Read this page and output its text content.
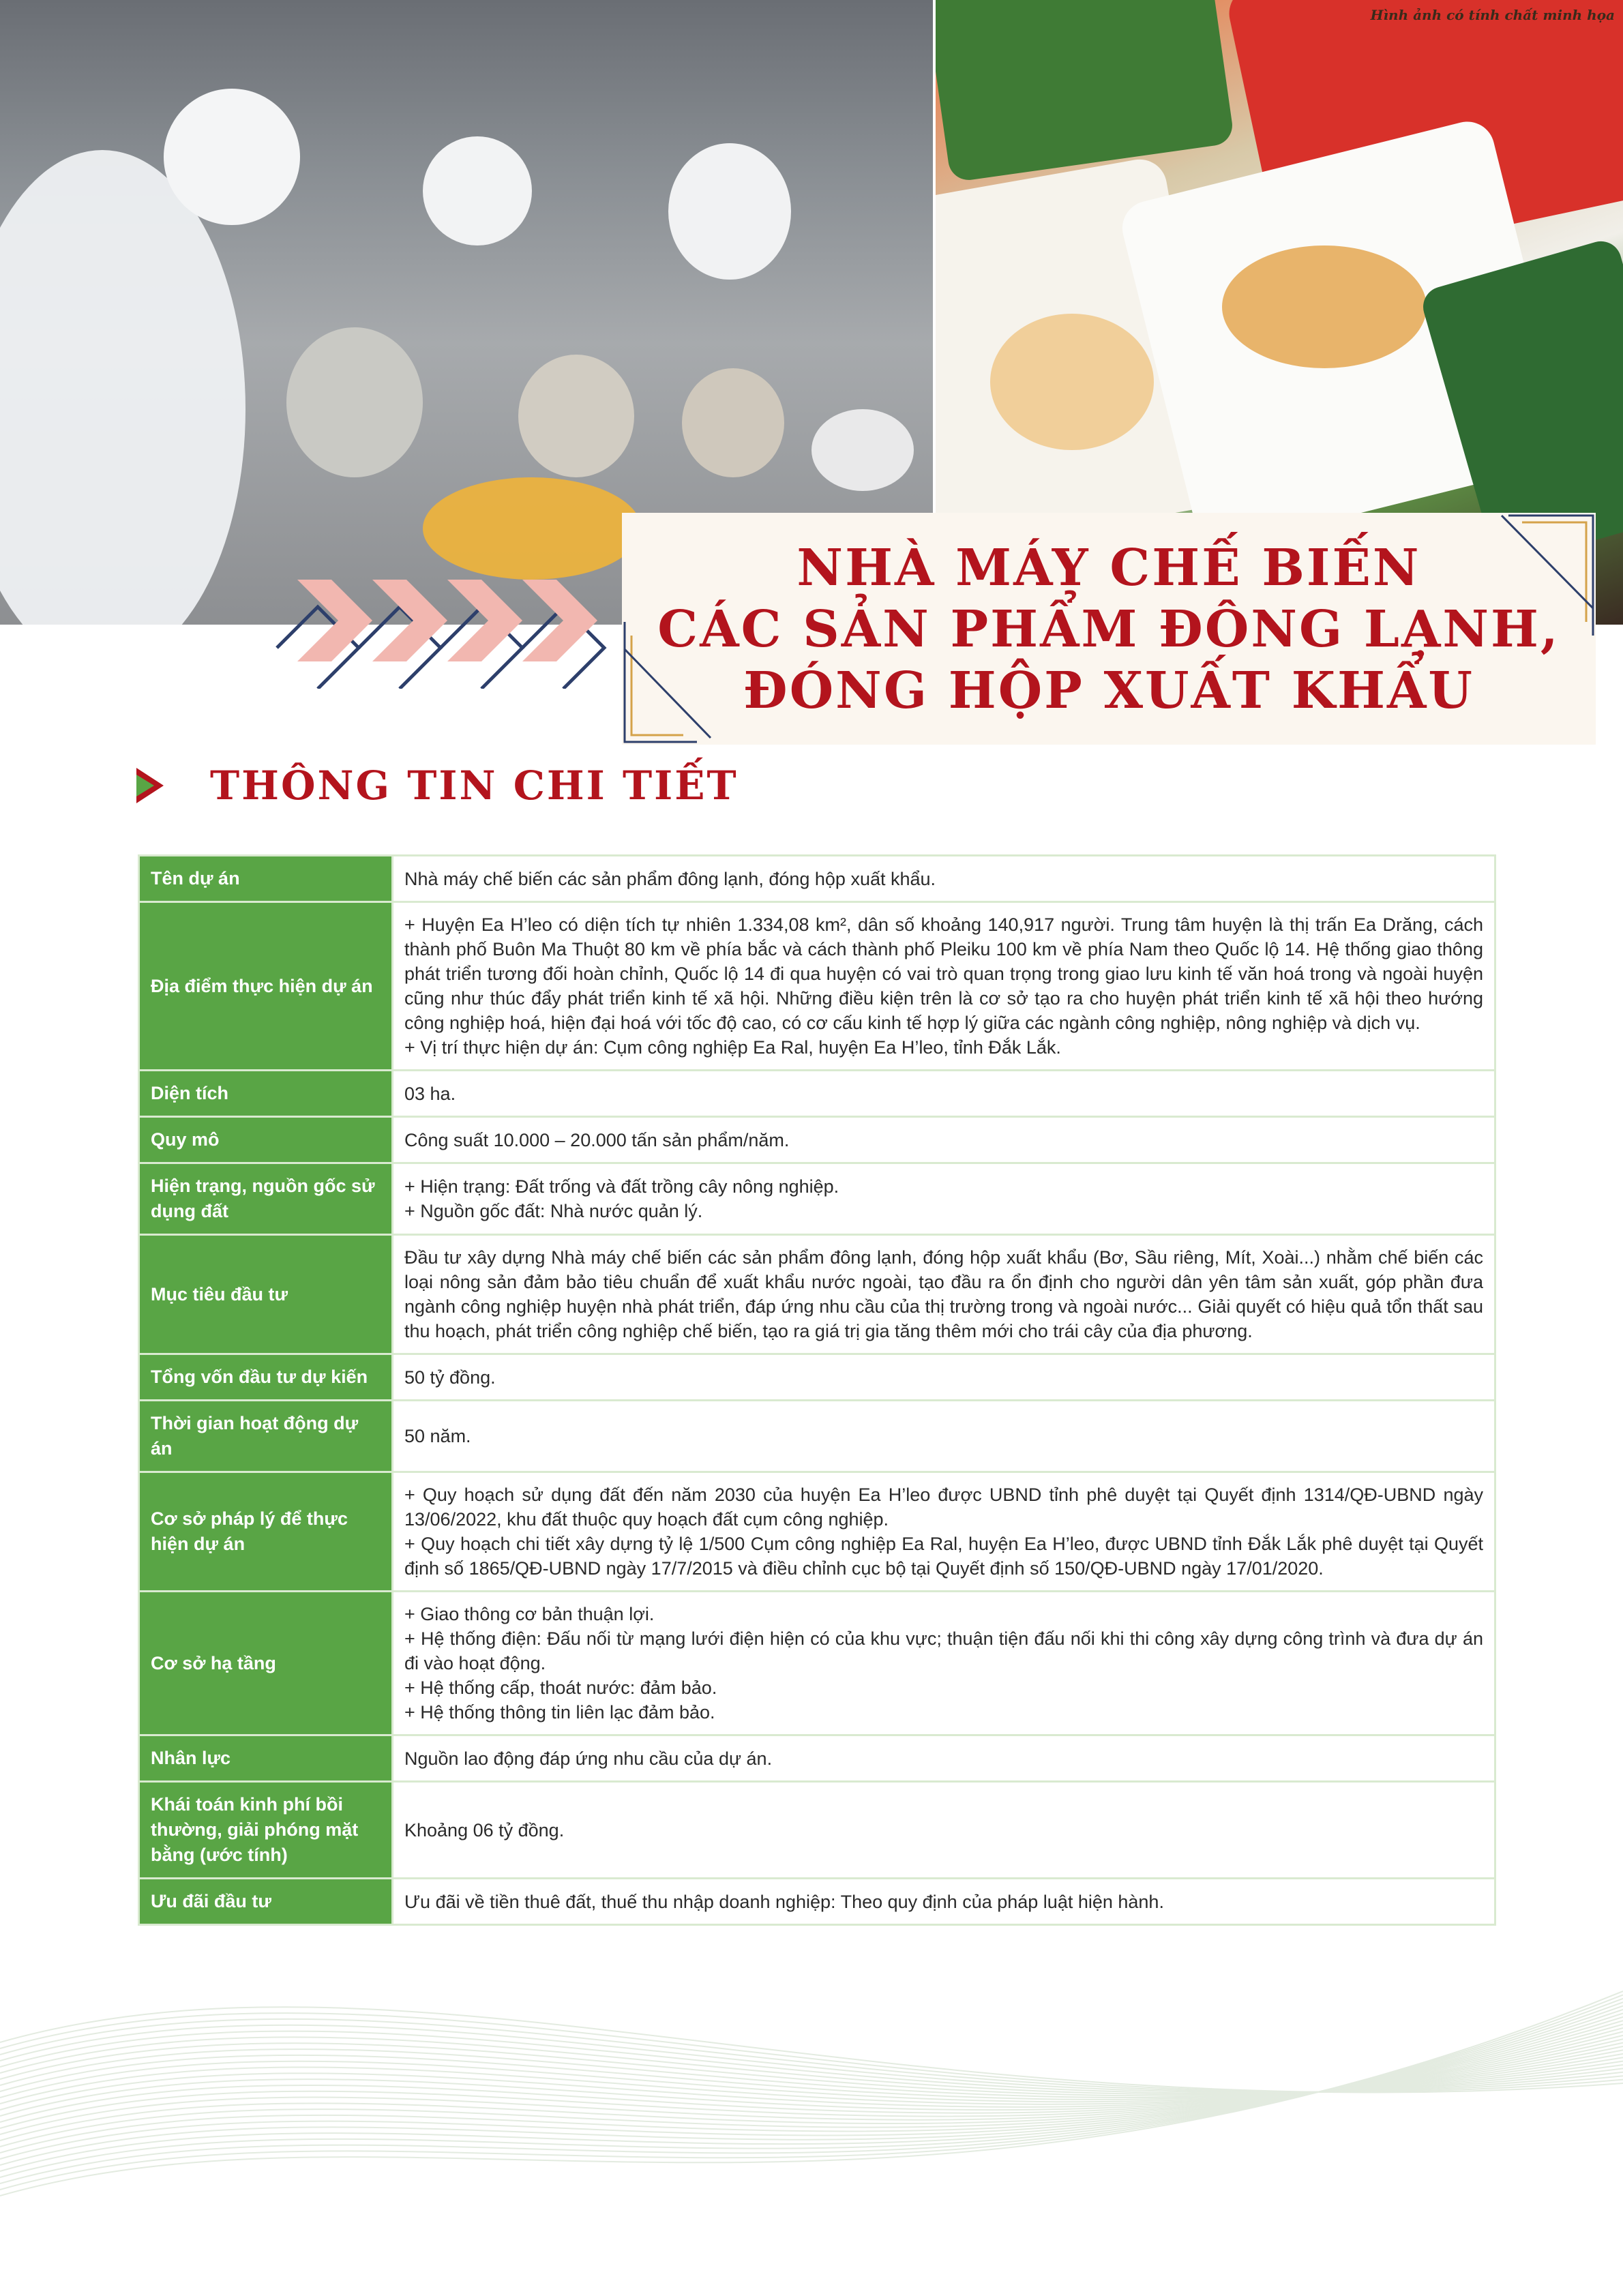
Hình ảnh có tính chất minh họa
NHÀ MÁY CHẾ BIẾN
CÁC SẢN PHẨM ĐÔNG LẠNH,
ĐÓNG HỘP XUẤT KHẨU
THÔNG TIN CHI TIẾT
Tên dự án	Nhà máy chế biến các sản phẩm đông lạnh, đóng hộp xuất khẩu.

Địa điểm thực hiện dự án	+ Huyện Ea H’leo có diện tích tự nhiên 1.334,08 km², dân số khoảng 140,917 người. Trung tâm huyện là thị trấn Ea Drăng, cách thành phố Buôn Ma Thuột 80 km về phía bắc và cách thành phố Pleiku 100 km về phía Nam theo Quốc lộ 14. Hệ thống giao thông phát triển tương đối hoàn chỉnh, Quốc lộ 14 đi qua huyện có vai trò quan trọng trong giao lưu kinh tế văn hoá trong và ngoài huyện cũng như thúc đẩy phát triển kinh tế xã hội. Những điều kiện trên là cơ sở tạo ra cho huyện phát triển kinh tế xã hội theo hướng công nghiệp hoá, hiện đại hoá với tốc độ cao, có cơ cấu kinh tế hợp lý giữa các ngành công nghiệp, nông nghiệp và dịch vụ.
+ Vị trí thực hiện dự án: Cụm công nghiệp Ea Ral, huyện Ea H’leo, tỉnh Đắk Lắk.

Diện tích	03 ha.

Quy mô	Công suất 10.000 – 20.000 tấn sản phẩm/năm.

Hiện trạng, nguồn gốc sử dụng đất	+ Hiện trạng: Đất trống và đất trồng cây nông nghiệp.
+ Nguồn gốc đất: Nhà nước quản lý.

Mục tiêu đầu tư	Đầu tư xây dựng Nhà máy chế biến các sản phẩm đông lạnh, đóng hộp xuất khẩu (Bơ, Sầu riêng, Mít, Xoài...) nhằm chế biến các loại nông sản đảm bảo tiêu chuẩn để xuất khẩu nước ngoài, tạo đầu ra ổn định cho người dân yên tâm sản xuất, góp phần đưa ngành công nghiệp huyện nhà phát triển, đáp ứng nhu cầu của thị trường trong và ngoài nước... Giải quyết có hiệu quả tổn thất sau thu hoạch, phát triển công nghiệp chế biến, tạo ra giá trị gia tăng thêm mới cho trái cây của địa phương.

Tổng vốn đầu tư dự kiến	50 tỷ đồng.

Thời gian hoạt động dự án	50 năm.

Cơ sở pháp lý để thực hiện dự án	+ Quy hoạch sử dụng đất đến năm 2030 của huyện Ea H’leo được UBND tỉnh phê duyệt tại Quyết định 1314/QĐ-UBND ngày 13/06/2022, khu đất thuộc quy hoạch đất cụm công nghiệp.
+ Quy hoạch chi tiết xây dựng tỷ lệ 1/500 Cụm công nghiệp Ea Ral, huyện Ea H’leo, được UBND tỉnh Đắk Lắk phê duyệt tại Quyết định số 1865/QĐ-UBND ngày 17/7/2015 và điều chỉnh cục bộ tại Quyết định số 150/QĐ-UBND ngày 17/01/2020.

Cơ sở hạ tầng	+ Giao thông cơ bản thuận lợi.
+ Hệ thống điện: Đấu nối từ mạng lưới điện hiện có của khu vực; thuận tiện đấu nối khi thi công xây dựng công trình và đưa dự án đi vào hoạt động.
+ Hệ thống cấp, thoát nước: đảm bảo.
+ Hệ thống thông tin liên lạc đảm bảo.

Nhân lực	Nguồn lao động đáp ứng nhu cầu của dự án.

Khái toán kinh phí bồi thường, giải phóng mặt bằng (ước tính)	Khoảng 06 tỷ đồng.

Ưu đãi đầu tư	Ưu đãi về tiền thuê đất, thuế thu nhập doanh nghiệp: Theo quy định của pháp luật hiện hành.
